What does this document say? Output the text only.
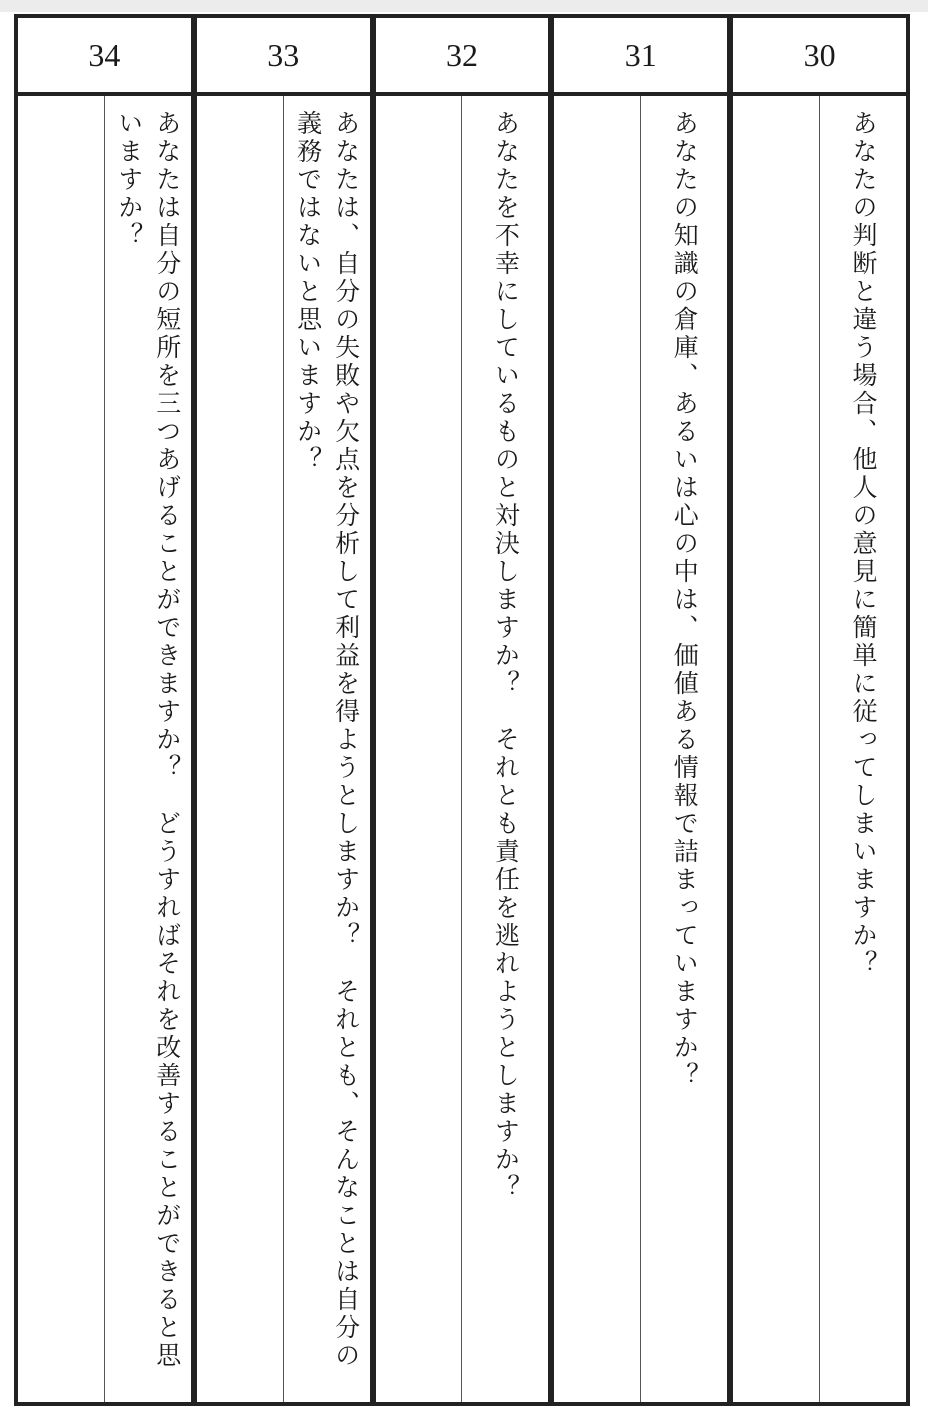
34
あなたは自分の短所を三つあげることができますか？　どうすればそれを改善することができると思いますか？
33
あなたは、自分の失敗や欠点を分析して利益を得ようとしますか？　それとも、そんなことは自分の義務ではないと思いますか？
32
あなたを不幸にしているものと対決しますか？　それとも責任を逃れようとしますか？
31
あなたの知識の倉庫、あるいは心の中は、価値ある情報で詰まっていますか？
30
あなたの判断と違う場合、他人の意見に簡単に従ってしまいますか？
